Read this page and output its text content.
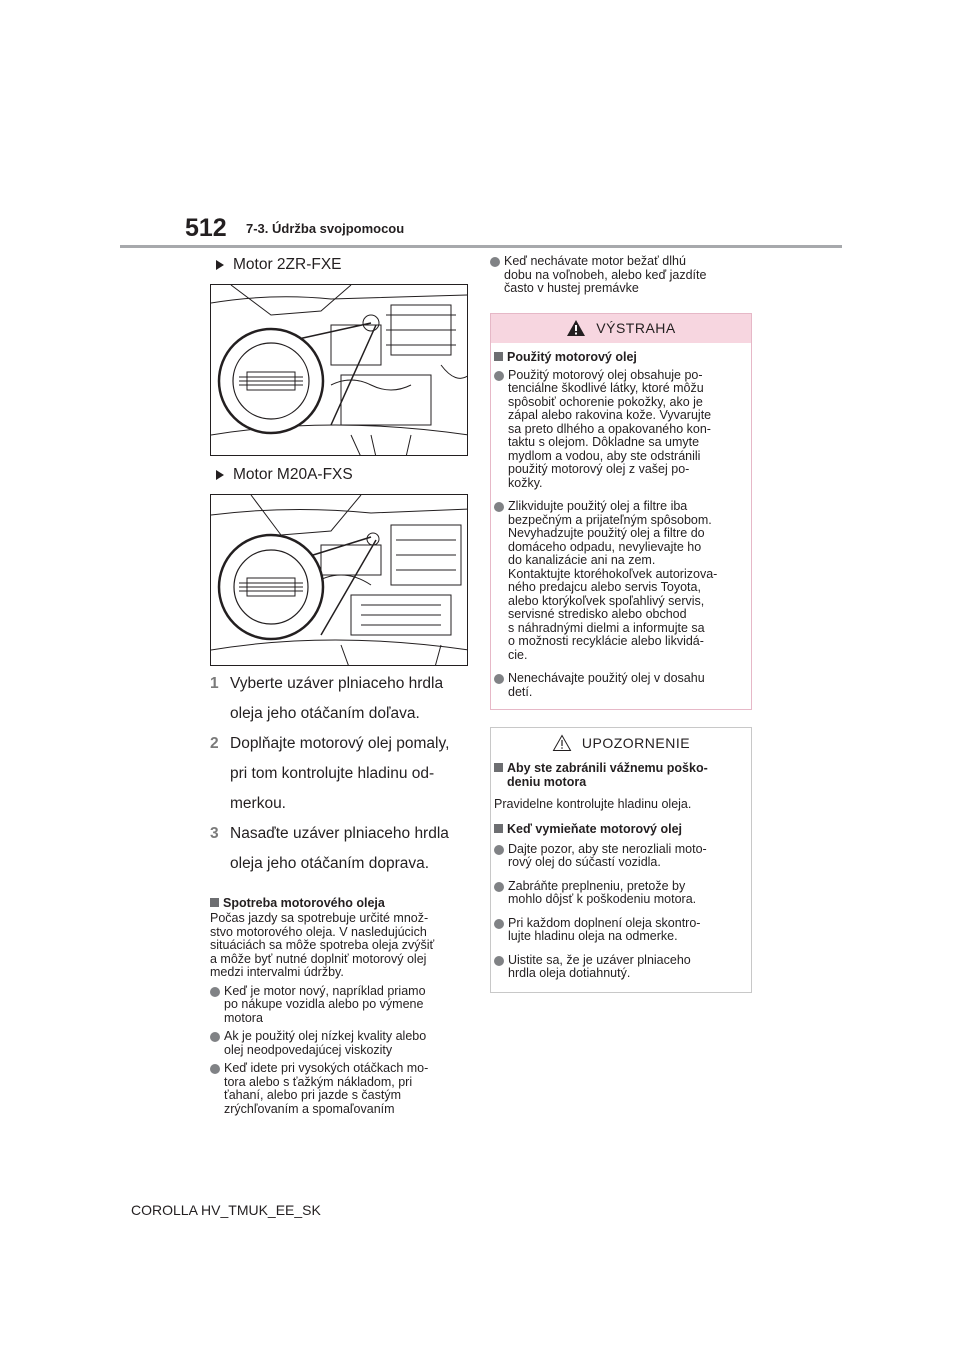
512 7-3. Údržba svojpomocou
Motor 2ZR-FXE
Motor M20A-FXS
1 Vyberte uzáver plniaceho hrdla
oleja jeho otáčaním doľava.
2 Doplňajte motorový olej pomaly,
pri tom kontrolujte hladinu od-
merkou.
3 Nasaďte uzáver plniaceho hrdla
oleja jeho otáčaním doprava.
Spotreba motorového oleja
Počas jazdy sa spotrebuje určité množ-
stvo motorového oleja. V nasledujúcich
situáciách sa môže spotreba oleja zvýšiť
a môže byť nutné doplniť motorový olej
medzi intervalmi údržby.
Keď je motor nový, napríklad priamo
po nákupe vozidla alebo po výmene
motora
Ak je použitý olej nízkej kvality alebo
olej neodpovedajúcej viskozity
Keď idete pri vysokých otáčkach mo-
tora alebo s ťažkým nákladom, pri
ťahaní, alebo pri jazde s častým
zrýchľovaním a spomaľovaním
Keď nechávate motor bežať dlhú
dobu na voľnobeh, alebo keď jazdíte
často v hustej premávke
VÝSTRAHA
Použitý motorový olej
Použitý motorový olej obsahuje po-
tenciálne škodlivé látky, ktoré môžu
spôsobiť ochorenie pokožky, ako je
zápal alebo rakovina kože. Vyvarujte
sa preto dlhého a opakovaného kon-
taktu s olejom. Dôkladne sa umyte
mydlom a vodou, aby ste odstránili
použitý motorový olej z vašej po-
kožky.
Zlikvidujte použitý olej a filtre iba
bezpečným a prijateľným spôsobom.
Nevyhadzujte použitý olej a filtre do
domáceho odpadu, nevylievajte ho
do kanalizácie ani na zem.
Kontaktujte ktoréhokoľvek autorizova-
ného predajcu alebo servis Toyota,
alebo ktorýkoľvek spoľahlivý servis,
servisné stredisko alebo obchod
s náhradnými dielmi a informujte sa
o možnosti recyklácie alebo likvidá-
cie.
Nenechávajte použitý olej v dosahu
detí.
UPOZORNENIE
Aby ste zabránili vážnemu poško-
deniu motora
Pravidelne kontrolujte hladinu oleja.
Keď vymieňate motorový olej
Dajte pozor, aby ste nerozliali moto-
rový olej do súčastí vozidla.
Zabráňte preplneniu, pretože by
mohlo dôjsť k poškodeniu motora.
Pri každom doplnení oleja skontro-
lujte hladinu oleja na odmerke.
Uistite sa, že je uzáver plniaceho
hrdla oleja dotiahnutý.
COROLLA HV_TMUK_EE_SK
